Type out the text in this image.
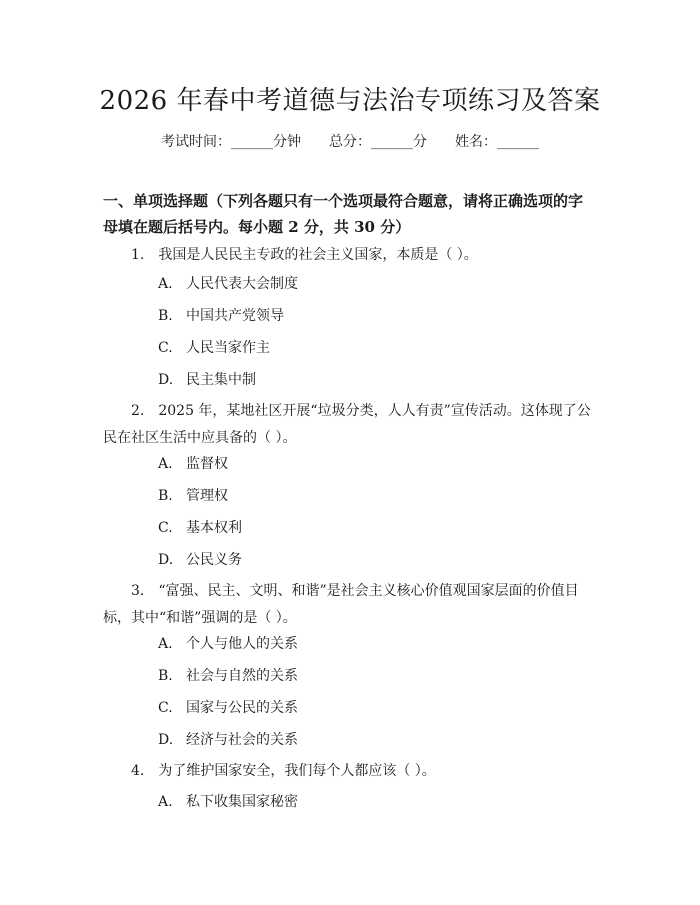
2026 年春中考道德与法治专项练习及答案
考试时间：______分钟 总分：______分 姓名：______
一、单项选择题（下列各题只有一个选项最符合题意，请将正确选项的字母填在题后括号内。每小题 2 分，共 30 分）
1.　我国是人民民主专政的社会主义国家，本质是（ ）。
A. 人民代表大会制度
B. 中国共产党领导
C. 人民当家作主
D. 民主集中制
2.　2025 年，某地社区开展“垃圾分类，人人有责”宣传活动。这体现了公民在社区生活中应具备的（ ）。
A. 监督权
B. 管理权
C. 基本权利
D. 公民义务
3.　“富强、民主、文明、和谐”是社会主义核心价值观国家层面的价值目标，其中“和谐”强调的是（ ）。
A. 个人与他人的关系
B. 社会与自然的关系
C. 国家与公民的关系
D. 经济与社会的关系
4.　为了维护国家安全，我们每个人都应该（ ）。
A. 私下收集国家秘密
